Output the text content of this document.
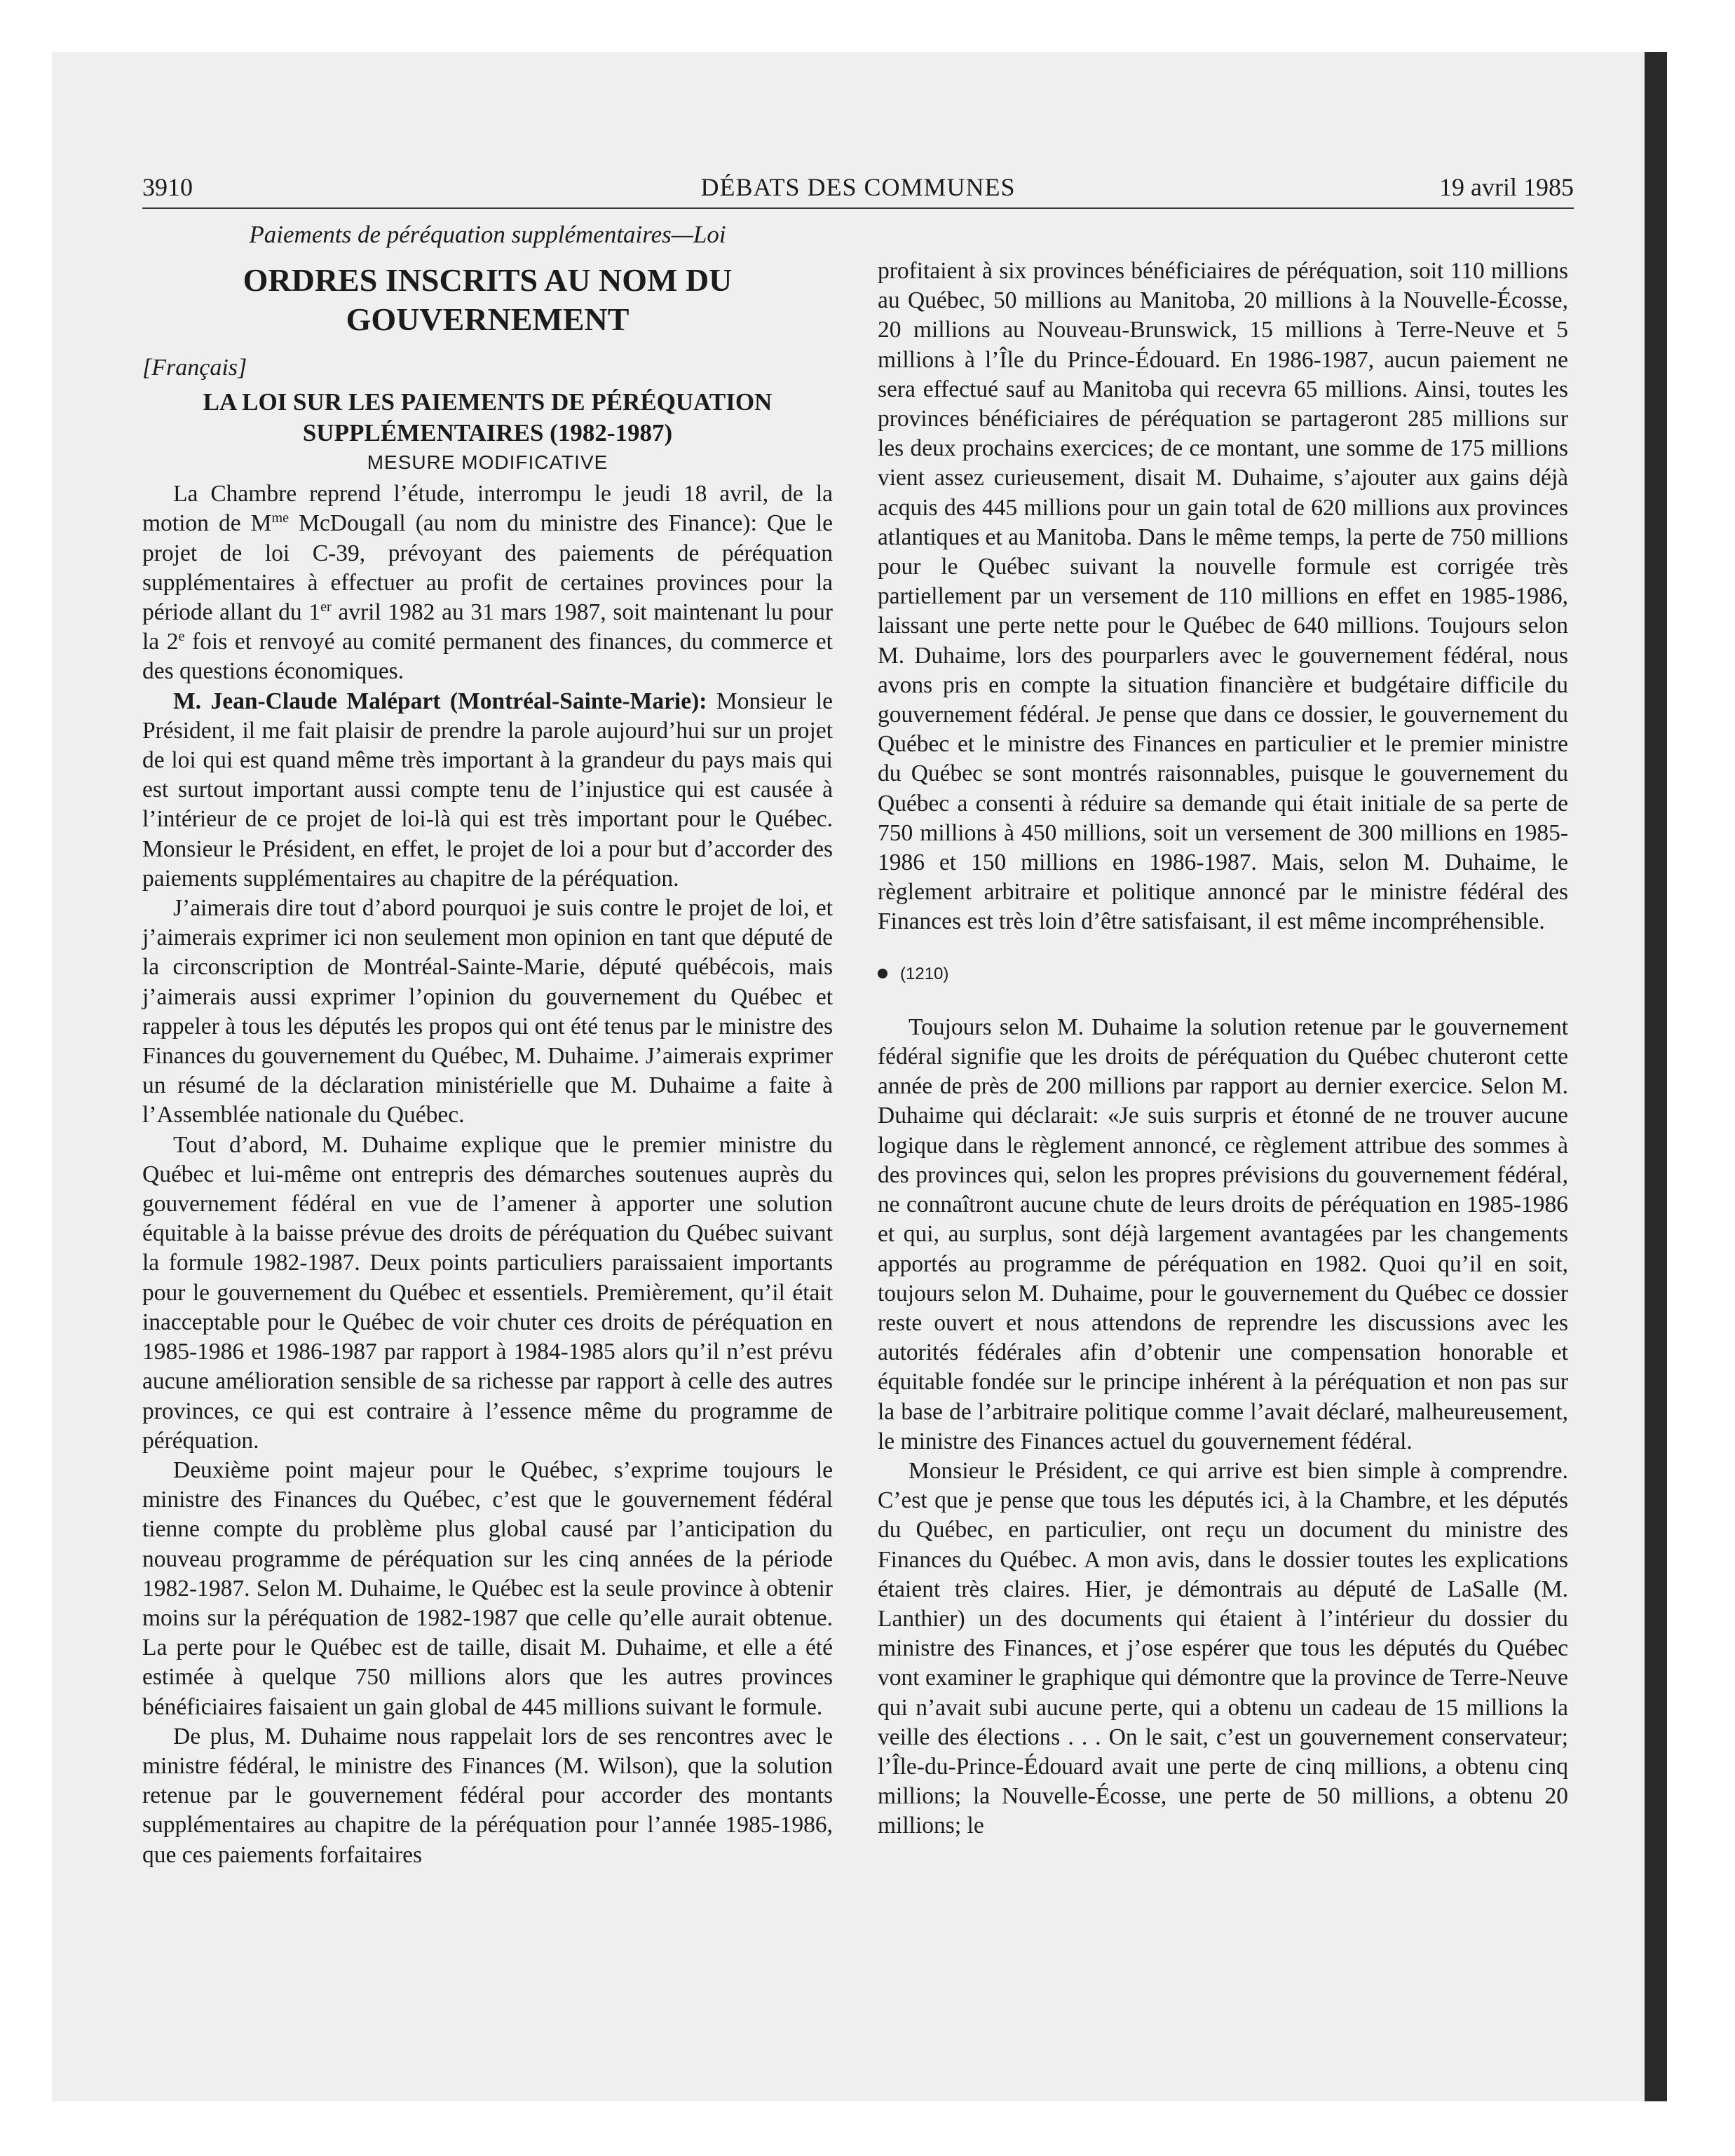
3910	DÉBATS DES COMMUNES	19 avril 1985
Paiements de péréquation supplémentaires—Loi
ORDRES INSCRITS AU NOM DU
GOUVERNEMENT
[Français]
LA LOI SUR LES PAIEMENTS DE PÉRÉQUATION
SUPPLÉMENTAIRES (1982-1987)
MESURE MODIFICATIVE

La Chambre reprend l’étude, interrompu le jeudi 18 avril, de la motion de $M^{me}$ McDougall (au nom du ministre des Finance): Que le projet de loi C-39, prévoyant des paiements de péréquation supplémentaires à effectuer au profit de certaines provinces pour la période allant du 1er avril 1982 au 31 mars 1987, soit maintenant lu pour la 2e fois et renvoyé au comité permanent des finances, du commerce et des questions économiques.

M. Jean-Claude Malépart (Montréal-Sainte-Marie): Monsieur le Président, il me fait plaisir de prendre la parole aujourd’hui sur un projet de loi qui est quand même très important à la grandeur du pays mais qui est surtout important aussi compte tenu de l’injustice qui est causée à l’intérieur de ce projet de loi-là qui est très important pour le Québec. Monsieur le Président, en effet, le projet de loi a pour but d’accorder des paiements supplémentaires au chapitre de la péréquation.

J’aimerais dire tout d’abord pourquoi je suis contre le projet de loi, et j’aimerais exprimer ici non seulement mon opinion en tant que député de la circonscription de Montréal-Sainte-Marie, député québécois, mais j’aimerais aussi exprimer l’opinion du gouvernement du Québec et rappeler à tous les députés les propos qui ont été tenus par le ministre des Finances du gouvernement du Québec, M. Duhaime. J’aimerais exprimer un résumé de la déclaration ministérielle que M. Duhaime a faite à l’Assemblée nationale du Québec.

Tout d’abord, M. Duhaime explique que le premier ministre du Québec et lui-même ont entrepris des démarches soutenues auprès du gouvernement fédéral en vue de l’amener à apporter une solution équitable à la baisse prévue des droits de péréquation du Québec suivant la formule 1982-1987. Deux points particuliers paraissaient importants pour le gouvernement du Québec et essentiels. Premièrement, qu’il était inacceptable pour le Québec de voir chuter ces droits de péréquation en 1985-1986 et 1986-1987 par rapport à 1984-1985 alors qu’il n’est prévu aucune amélioration sensible de sa richesse par rapport à celle des autres provinces, ce qui est contraire à l’essence même du programme de péréquation.

Deuxième point majeur pour le Québec, s’exprime toujours le ministre des Finances du Québec, c’est que le gouvernement fédéral tienne compte du problème plus global causé par l’anticipation du nouveau programme de péréquation sur les cinq années de la période 1982-1987. Selon M. Duhaime, le Québec est la seule province à obtenir moins sur la péréquation de 1982-1987 que celle qu’elle aurait obtenue. La perte pour le Québec est de taille, disait M. Duhaime, et elle a été estimée à quelque 750 millions alors que les autres provinces bénéficiaires faisaient un gain global de 445 millions suivant le formule.

De plus, M. Duhaime nous rappelait lors de ses rencontres avec le ministre fédéral, le ministre des Finances (M. Wilson), que la solution retenue par le gouvernement fédéral pour accorder des montants supplémentaires au chapitre de la péréquation pour l’année 1985-1986, que ces paiements forfaitaires

profitaient à six provinces bénéficiaires de péréquation, soit 110 millions au Québec, 50 millions au Manitoba, 20 millions à la Nouvelle-Écosse, 20 millions au Nouveau-Brunswick, 15 millions à Terre-Neuve et 5 millions à l’Île du Prince-Édouard. En 1986-1987, aucun paiement ne sera effectué sauf au Manitoba qui recevra 65 millions. Ainsi, toutes les provinces bénéficiaires de péréquation se partageront 285 millions sur les deux prochains exercices; de ce montant, une somme de 175 millions vient assez curieusement, disait M. Duhaime, s’ajouter aux gains déjà acquis des 445 millions pour un gain total de 620 millions aux provinces atlantiques et au Manitoba. Dans le même temps, la perte de 750 millions pour le Québec suivant la nouvelle formule est corrigée très partiellement par un versement de 110 millions en effet en 1985-1986, laissant une perte nette pour le Québec de 640 millions. Toujours selon M. Duhaime, lors des pourparlers avec le gouvernement fédéral, nous avons pris en compte la situation financière et budgétaire difficile du gouvernement fédéral. Je pense que dans ce dossier, le gouvernement du Québec et le ministre des Finances en particulier et le premier ministre du Québec se sont montrés raisonnables, puisque le gouvernement du Québec a consenti à réduire sa demande qui était initiale de sa perte de 750 millions à 450 millions, soit un versement de 300 millions en 1985-1986 et 150 millions en 1986-1987. Mais, selon M. Duhaime, le règlement arbitraire et politique annoncé par le ministre fédéral des Finances est très loin d’être satisfaisant, il est même incompréhensible.

(1210)

Toujours selon M. Duhaime la solution retenue par le gouvernement fédéral signifie que les droits de péréquation du Québec chuteront cette année de près de 200 millions par rapport au dernier exercice. Selon M. Duhaime qui déclarait: «Je suis surpris et étonné de ne trouver aucune logique dans le règlement annoncé, ce règlement attribue des sommes à des provinces qui, selon les propres prévisions du gouvernement fédéral, ne connaîtront aucune chute de leurs droits de péréquation en 1985-1986 et qui, au surplus, sont déjà largement avantagées par les changements apportés au programme de péréquation en 1982. Quoi qu’il en soit, toujours selon M. Duhaime, pour le gouvernement du Québec ce dossier reste ouvert et nous attendons de reprendre les discussions avec les autorités fédérales afin d’obtenir une compensation honorable et équitable fondée sur le principe inhérent à la péréquation et non pas sur la base de l’arbitraire politique comme l’avait déclaré, malheureusement, le ministre des Finances actuel du gouvernement fédéral.

Monsieur le Président, ce qui arrive est bien simple à comprendre. C’est que je pense que tous les députés ici, à la Chambre, et les députés du Québec, en particulier, ont reçu un document du ministre des Finances du Québec. A mon avis, dans le dossier toutes les explications étaient très claires. Hier, je démontrais au député de LaSalle (M. Lanthier) un des documents qui étaient à l’intérieur du dossier du ministre des Finances, et j’ose espérer que tous les députés du Québec vont examiner le graphique qui démontre que la province de Terre-Neuve qui n’avait subi aucune perte, qui a obtenu un cadeau de 15 millions la veille des élections . . . On le sait, c’est un gouvernement conservateur; l’Île-du-Prince-Édouard avait une perte de cinq millions, a obtenu cinq millions; la Nouvelle-Écosse, une perte de 50 millions, a obtenu 20 millions; le
